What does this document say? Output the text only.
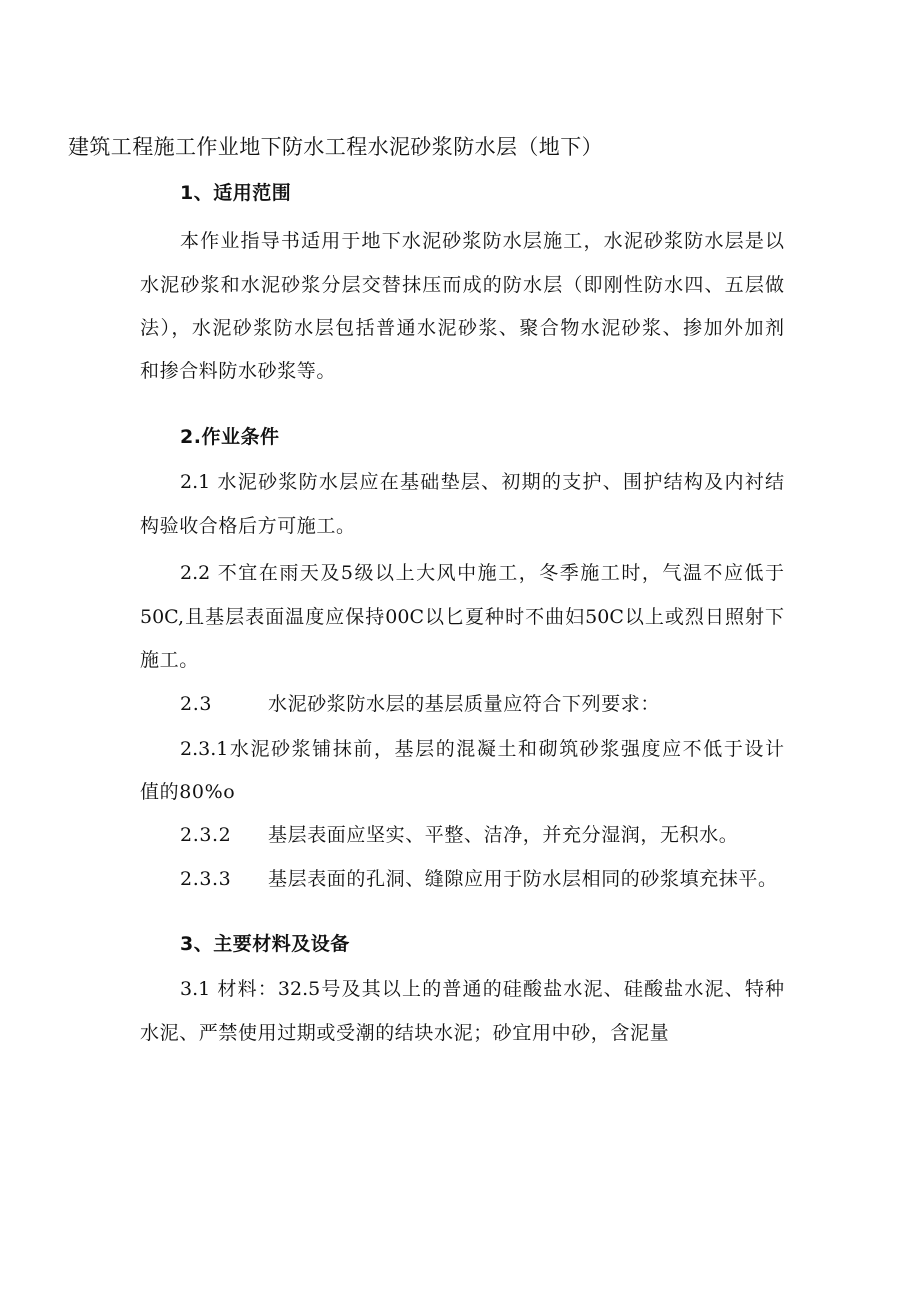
建筑工程施工作业地下防水工程水泥砂浆防水层（地下）
1、适用范围
本作业指导书适用于地下水泥砂浆防水层施工，水泥砂浆防水层是以
水泥砂浆和水泥砂浆分层交替抹压而成的防水层（即刚性防水四、五层做
法），水泥砂浆防水层包括普通水泥砂浆、聚合物水泥砂浆、掺加外加剂
和掺合料防水砂浆等。
2.作业条件
2.1 水泥砂浆防水层应在基础垫层、初期的支护、围护结构及内衬结
构验收合格后方可施工。
2.2 不宜在雨天及5级以上大风中施工，冬季施工时，气温不应低于
50C,且基层表面温度应保持00C以匕夏种时不曲妇50C以上或烈日照射下
施工。
2.3	水泥砂浆防水层的基层质量应符合下列要求：
2.3.1水泥砂浆铺抹前，基层的混凝土和砌筑砂浆强度应不低于设计
值的80%o
2.3.2 基层表面应坚实、平整、洁净，并充分湿润，无积水。
2.3.3 基层表面的孔洞、缝隙应用于防水层相同的砂浆填充抹平。
3、主要材料及设备
3.1 材料：32.5号及其以上的普通的硅酸盐水泥、硅酸盐水泥、特种
水泥、严禁使用过期或受潮的结块水泥；砂宜用中砂，含泥量
